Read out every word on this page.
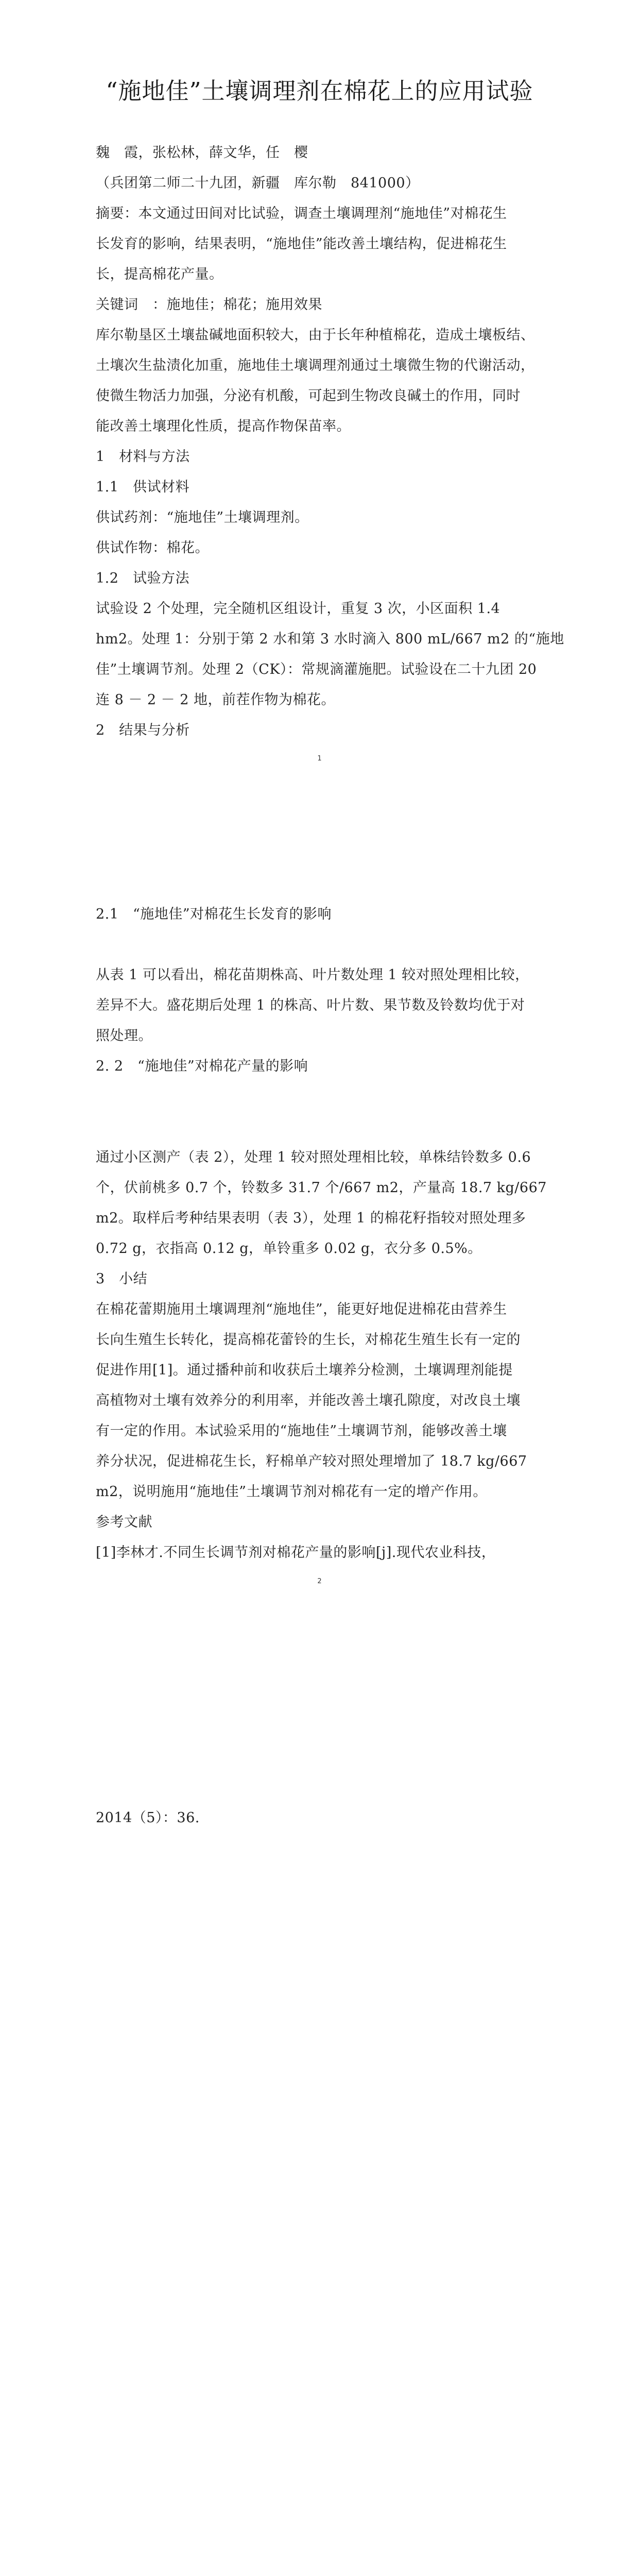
“施地佳”土壤调理剂在棉花上的应用试验
魏　霞，张松林，薛文华，任　樱
（兵团第二师二十九团，新疆　库尔勒　841000）
摘要：本文通过田间对比试验，调查土壤调理剂“施地佳”对棉花生
长发育的影响，结果表明，“施地佳”能改善土壤结构，促进棉花生
长，提高棉花产量。
关键词　：施地佳；棉花；施用效果
库尔勒垦区土壤盐碱地面积较大，由于长年种植棉花，造成土壤板结、
土壤次生盐渍化加重，施地佳土壤调理剂通过土壤微生物的代谢活动，
使微生物活力加强，分泌有机酸，可起到生物改良碱土的作用，同时
能改善土壤理化性质，提高作物保苗率。
1　材料与方法
1.1　供试材料
供试药剂：“施地佳”土壤调理剂。
供试作物：棉花。
1.2　试验方法
试验设 2 个处理，完全随机区组设计，重复 3 次，小区面积 1.4
hm2。处理 1：分别于第 2 水和第 3 水时滴入 800 mL/667 m2 的“施地
佳”土壤调节剂。处理 2（CK）：常规滴灌施肥。试验设在二十九团 20
连 8 － 2 － 2 地，前茬作物为棉花。
2　结果与分析
1
2.1　“施地佳”对棉花生长发育的影响
从表 1 可以看出，棉花苗期株高、叶片数处理 1 较对照处理相比较，
差异不大。盛花期后处理 1 的株高、叶片数、果节数及铃数均优于对
照处理。
2. 2　“施地佳”对棉花产量的影响
通过小区测产（表 2），处理 1 较对照处理相比较，单株结铃数多 0.6
个，伏前桃多 0.7 个，铃数多 31.7 个/667 m2，产量高 18.7 kg/667
m2。取样后考种结果表明（表 3），处理 1 的棉花籽指较对照处理多
0.72 g，衣指高 0.12 g，单铃重多 0.02 g，衣分多 0.5%。
3　小结
在棉花蕾期施用土壤调理剂“施地佳”，能更好地促进棉花由营养生
长向生殖生长转化，提高棉花蕾铃的生长，对棉花生殖生长有一定的
促进作用[1]。通过播种前和收获后土壤养分检测，土壤调理剂能提
高植物对土壤有效养分的利用率，并能改善土壤孔隙度，对改良土壤
有一定的作用。本试验采用的“施地佳”土壤调节剂，能够改善土壤
养分状况，促进棉花生长，籽棉单产较对照处理增加了 18.7 kg/667
m2，说明施用“施地佳”土壤调节剂对棉花有一定的增产作用。
参考文献
[1]李林才.不同生长调节剂对棉花产量的影响[j].现代农业科技，
2
2014（5）：36.
